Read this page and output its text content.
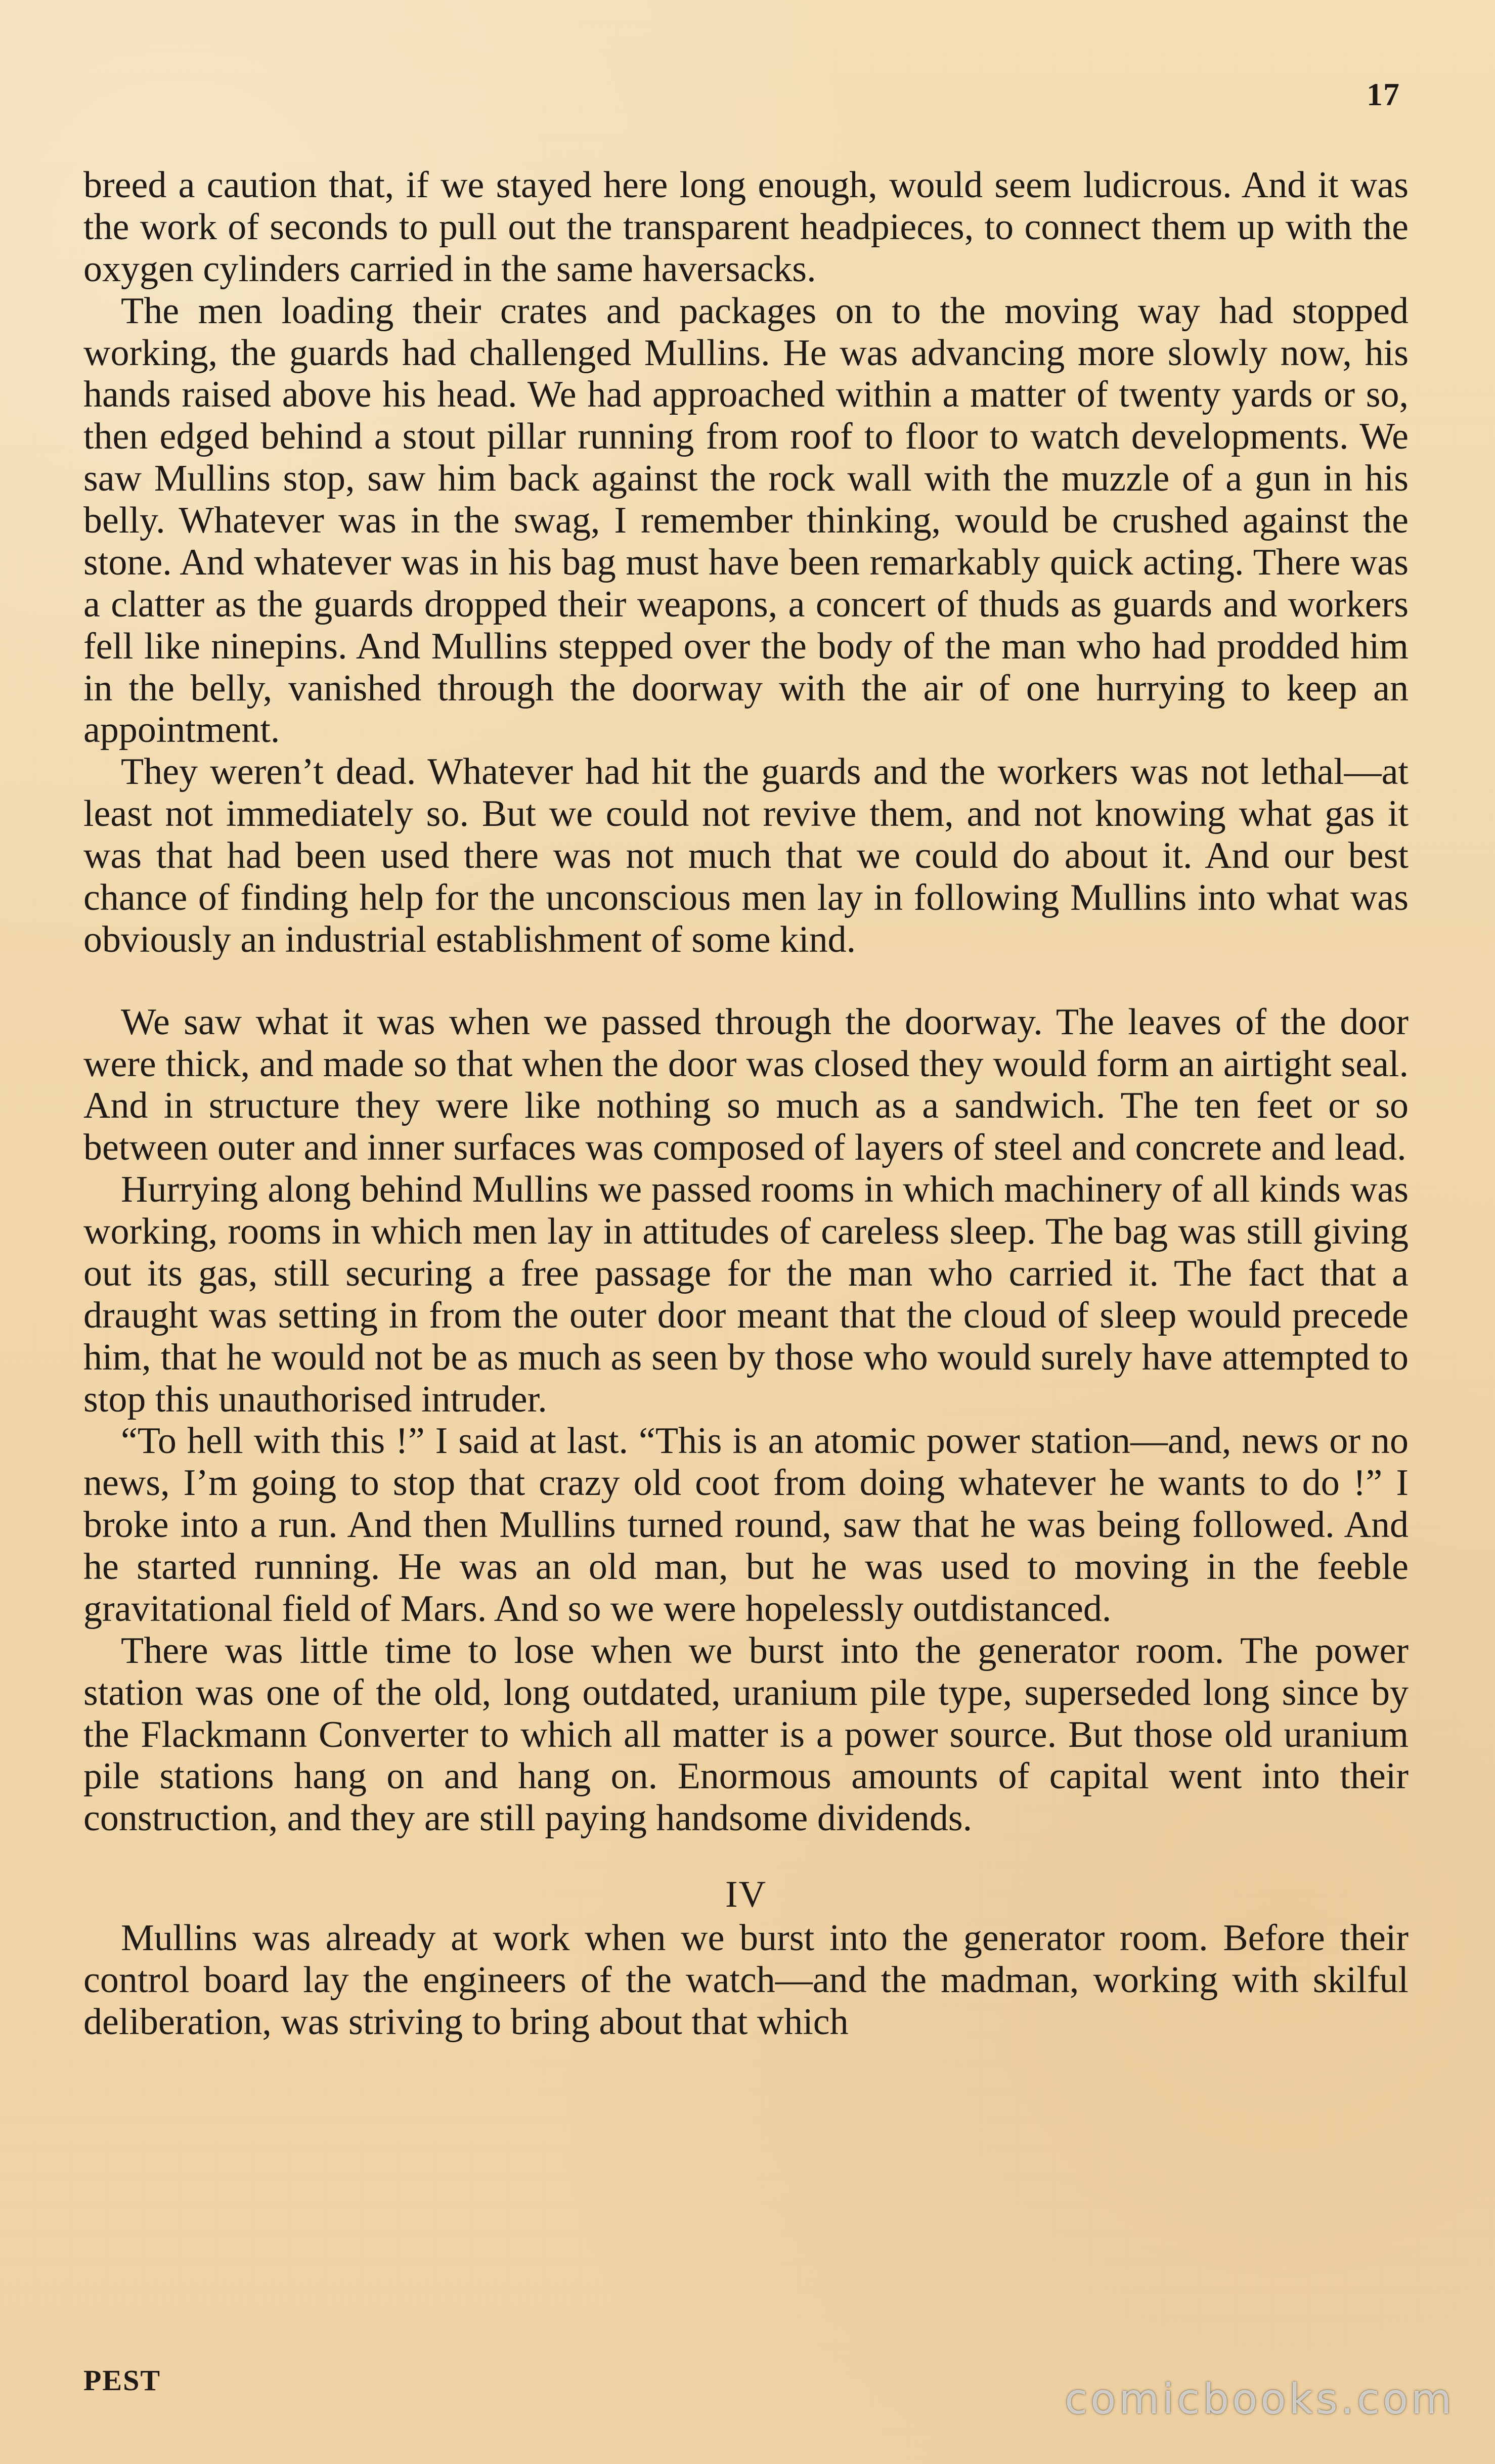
17

breed a caution that, if we stayed here long enough, would seem ludicrous. And it was the work of seconds to pull out the transparent headpieces, to connect them up with the oxygen cylinders carried in the same haversacks.

The men loading their crates and packages on to the moving way had stopped working, the guards had challenged Mullins. He was advancing more slowly now, his hands raised above his head. We had approached within a matter of twenty yards or so, then edged behind a stout pillar running from roof to floor to watch developments. We saw Mullins stop, saw him back against the rock wall with the muzzle of a gun in his belly. Whatever was in the swag, I remember thinking, would be crushed against the stone. And whatever was in his bag must have been remarkably quick acting. There was a clatter as the guards dropped their weapons, a concert of thuds as guards and workers fell like ninepins. And Mullins stepped over the body of the man who had prodded him in the belly, vanished through the doorway with the air of one hurrying to keep an appointment.

They weren’t dead. Whatever had hit the guards and the workers was not lethal—at least not immediately so. But we could not revive them, and not knowing what gas it was that had been used there was not much that we could do about it. And our best chance of finding help for the unconscious men lay in following Mullins into what was obviously an industrial establishment of some kind.

We saw what it was when we passed through the doorway. The leaves of the door were thick, and made so that when the door was closed they would form an airtight seal. And in structure they were like nothing so much as a sandwich. The ten feet or so between outer and inner surfaces was composed of layers of steel and concrete and lead.

Hurrying along behind Mullins we passed rooms in which machinery of all kinds was working, rooms in which men lay in attitudes of careless sleep. The bag was still giving out its gas, still securing a free passage for the man who carried it. The fact that a draught was setting in from the outer door meant that the cloud of sleep would precede him, that he would not be as much as seen by those who would surely have attempted to stop this unauthorised intruder.

“To hell with this !” I said at last. “This is an atomic power station—and, news or no news, I’m going to stop that crazy old coot from doing whatever he wants to do !” I broke into a run. And then Mullins turned round, saw that he was being followed. And he started running. He was an old man, but he was used to moving in the feeble gravitational field of Mars. And so we were hopelessly outdistanced.

There was little time to lose when we burst into the generator room. The power station was one of the old, long outdated, uranium pile type, superseded long since by the Flackmann Converter to which all matter is a power source. But those old uranium pile stations hang on and hang on. Enormous amounts of capital went into their construction, and they are still paying handsome dividends.

IV

Mullins was already at work when we burst into the generator room. Before their control board lay the engineers of the watch—and the madman, working with skilful deliberation, was striving to bring about that which

PEST	comicbooks.com
